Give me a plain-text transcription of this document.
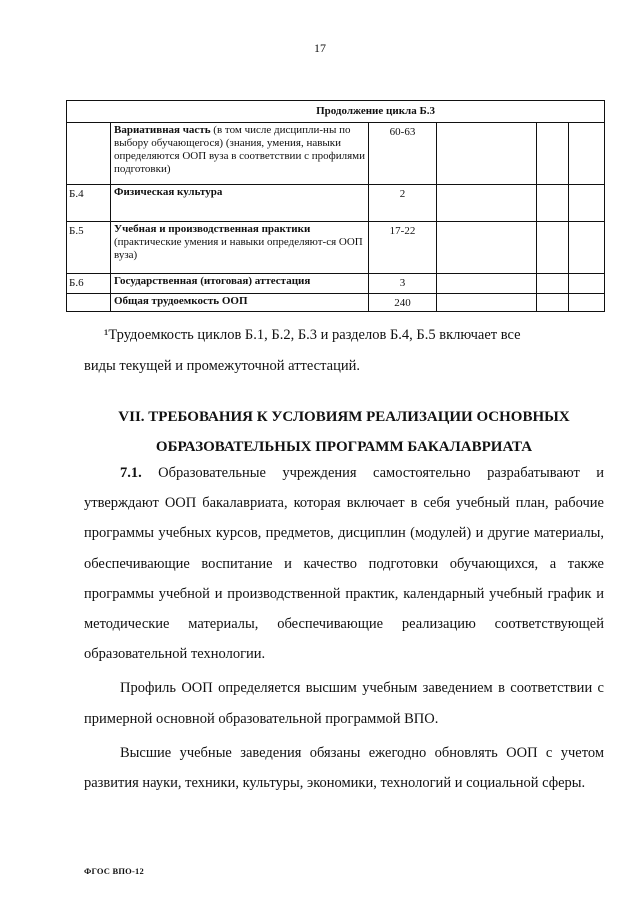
17
Продолжение цикла Б.3					
	Вариативная часть (в том числе дисципли-ны по выбору обучающегося) (знания, умения, навыки определяются ООП вуза в соответствии с профилями подготовки)	60-63			
Б.4	Физическая культура	2			
Б.5	Учебная и производственная практики (практические умения и навыки определяют-ся ООП вуза)	17-22			
Б.6	Государственная (итоговая) аттестация	3			
	Общая трудоемкость ООП	240			

¹Трудоемкость циклов Б.1, Б.2, Б.3 и разделов Б.4, Б.5 включает все

виды текущей и промежуточной аттестаций.

VII. ТРЕБОВАНИЯ К УСЛОВИЯМ РЕАЛИЗАЦИИ ОСНОВНЫХ
ОБРАЗОВАТЕЛЬНЫХ ПРОГРАММ БАКАЛАВРИАТА

7.1. Образовательные учреждения самостоятельно разрабатывают и утверждают ООП бакалавриата, которая включает в себя учебный план, рабочие программы учебных курсов, предметов, дисциплин (модулей) и другие материалы, обеспечивающие воспитание и качество подготовки обучающихся, а также программы учебной и производственной практик, календарный учебный график и методические материалы, обеспечивающие реализацию соответствующей образовательной технологии.

Профиль ООП определяется высшим учебным заведением в соответствии с примерной основной образовательной программой ВПО.

Высшие учебные заведения обязаны ежегодно обновлять ООП с учетом развития науки, техники, культуры, экономики, технологий и социальной сферы.

ФГОС ВПО-12
